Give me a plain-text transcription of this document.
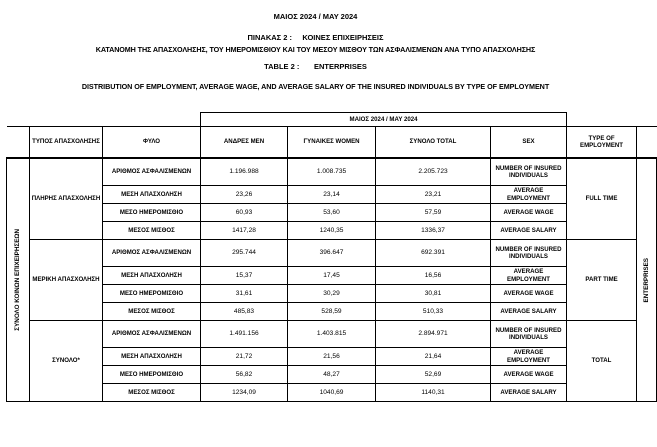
ΜΑΙΟΣ 2024 / MAY 2024
ΠΙΝΑΚΑΣ 2 :     ΚΟΙΝΕΣ ΕΠΙΧΕΙΡΗΣΕΙΣ
ΚΑΤΑΝΟΜΗ ΤΗΣ ΑΠΑΣΧΟΛΗΣΗΣ, ΤΟΥ ΗΜΕΡΟΜΙΣΘΙΟΥ ΚΑΙ ΤΟΥ ΜΕΣΟΥ ΜΙΣΘΟΥ ΤΩΝ ΑΣΦΑΛΙΣΜΕΝΩΝ ΑΝΑ ΤΥΠΟ ΑΠΑΣΧΟΛΗΣΗΣ
TABLE 2 :       ENTERPRISES
DISTRIBUTION OF EMPLOYMENT, AVERAGE WAGE, AND AVERAGE SALARY OF THE INSURED INDIVIDUALS BY TYPE OF EMPLOYMENT
			ΜΑΙΟΣ 2024 / MAY 2024					
	ΤΥΠΟΣ ΑΠΑΣΧΟΛΗΣΗΣ	ΦΥΛΟ	ΑΝΔΡΕΣ MEN	ΓΥΝΑΙΚΕΣ WOMEN	ΣΥΝΟΛΟ TOTAL	SEX	TYPE OF EMPLOYMENT	

ΣΥΝΟΛΟ ΚΟΙΝΩΝ ΕΠΙΧΕΙΡΗΣΕΩΝ	ΠΛΗΡΗΣ ΑΠΑΣΧΟΛΗΣΗ	ΑΡΙΘΜΟΣ ΑΣΦΑΛΙΣΜΕΝΩΝ	1.196.988	1.008.735	2.205.723	NUMBER OF INSURED INDIVIDUALS	FULL TIME	ENTERPRISES

		ΜΕΣΗ ΑΠΑΣΧΟΛΗΣΗ	23,26	23,14	23,21	AVERAGE EMPLOYMENT		
		ΜΕΣΟ ΗΜΕΡΟΜΙΣΘΙΟ	60,93	53,60	57,59	AVERAGE WAGE		
		ΜΕΣΟΣ ΜΙΣΘΟΣ	1417,28	1240,35	1336,37	AVERAGE SALARY		
	ΜΕΡΙΚΗ ΑΠΑΣΧΟΛΗΣΗ	ΑΡΙΘΜΟΣ ΑΣΦΑΛΙΣΜΕΝΩΝ	295.744	396.647	692.391	NUMBER OF INSURED INDIVIDUALS	PART TIME	
		ΜΕΣΗ ΑΠΑΣΧΟΛΗΣΗ	15,37	17,45	16,56	AVERAGE EMPLOYMENT		
		ΜΕΣΟ ΗΜΕΡΟΜΙΣΘΙΟ	31,61	30,29	30,81	AVERAGE WAGE		
		ΜΕΣΟΣ ΜΙΣΘΟΣ	485,83	528,59	510,33	AVERAGE SALARY		
	ΣΥΝΟΛΟ*	ΑΡΙΘΜΟΣ ΑΣΦΑΛΙΣΜΕΝΩΝ	1.491.156	1.403.815	2.894.971	NUMBER OF INSURED INDIVIDUALS	TOTAL	
		ΜΕΣΗ ΑΠΑΣΧΟΛΗΣΗ	21,72	21,56	21,64	AVERAGE EMPLOYMENT		
		ΜΕΣΟ ΗΜΕΡΟΜΙΣΘΙΟ	56,82	48,27	52,69	AVERAGE WAGE		
		ΜΕΣΟΣ ΜΙΣΘΟΣ	1234,09	1040,69	1140,31	AVERAGE SALARY		
